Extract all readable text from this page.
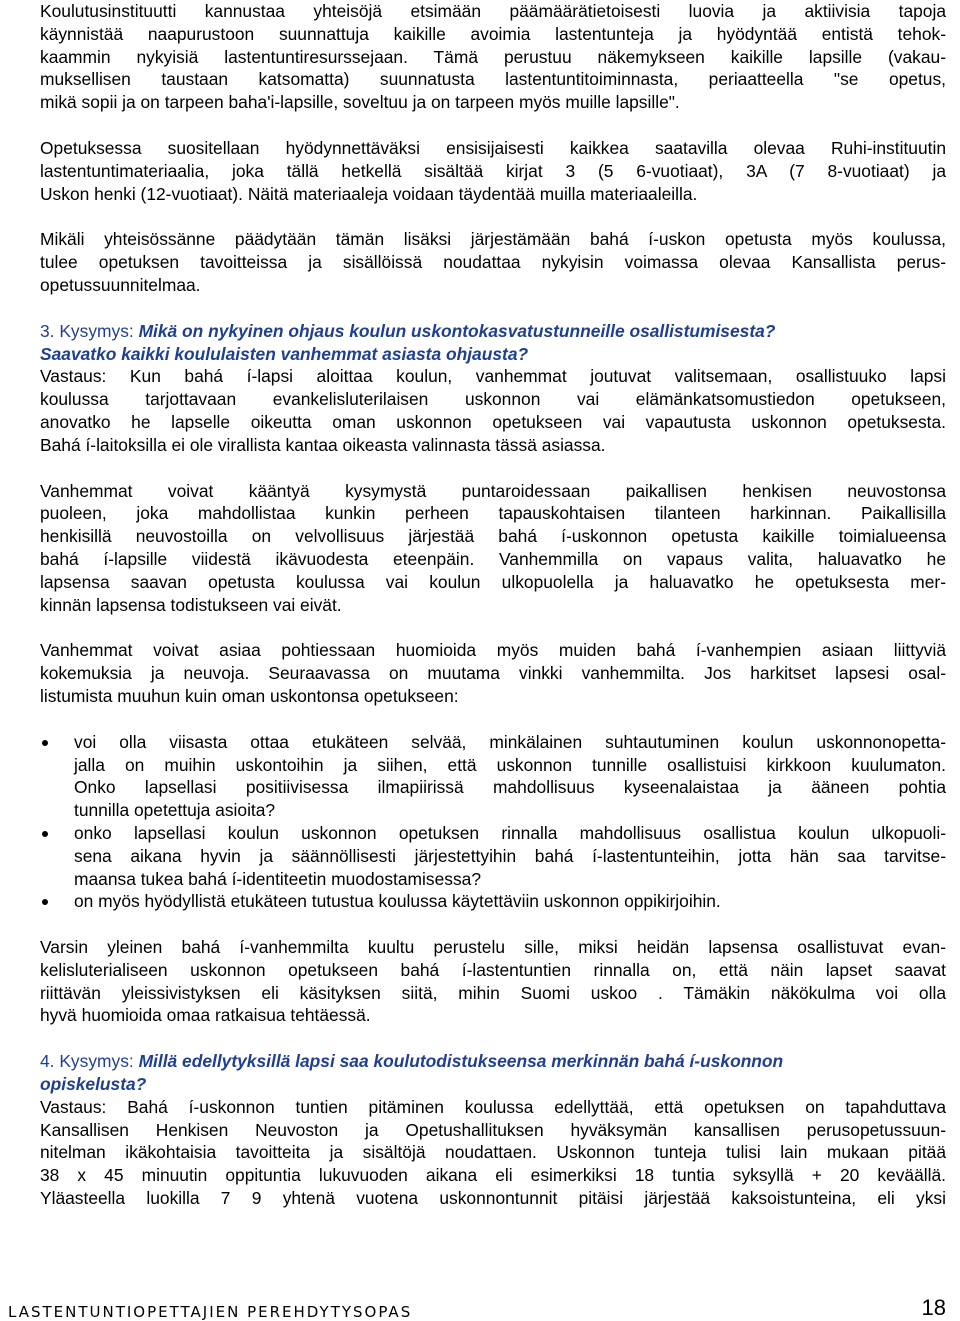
Koulutusinstituutti kannustaa yhteisöjä etsimään päämäärätietoisesti luovia ja aktiivisia tapoja
käynnistää naapurustoon suunnattuja kaikille avoimia lastentunteja ja hyödyntää entistä tehok-
kaammin nykyisiä lastentuntiresurssejaan. Tämä perustuu näkemykseen kaikille lapsille (vakau-
muksellisen taustaan katsomatta) suunnatusta lastentuntitoiminnasta, periaatteella "se opetus,
mikä sopii ja on tarpeen baha'i-lapsille, soveltuu ja on tarpeen myös muille lapsille".
Opetuksessa suositellaan hyödynnettäväksi ensisijaisesti kaikkea saatavilla olevaa Ruhi-instituutin
lastentuntimateriaalia, joka tällä hetkellä sisältää kirjat 3 (5 6-vuotiaat), 3A (7 8-vuotiaat) ja
Uskon henki (12-vuotiaat). Näitä materiaaleja voidaan täydentää muilla materiaaleilla.
Mikäli yhteisössänne päädytään tämän lisäksi järjestämään bahá í-uskon opetusta myös koulussa,
tulee opetuksen tavoitteissa ja sisällöissä noudattaa nykyisin voimassa olevaa Kansallista perus-
opetussuunnitelmaa.
3. Kysymys: Mikä on nykyinen ohjaus koulun uskontokasvatustunneille osallistumisesta?
Saavatko kaikki koululaisten vanhemmat asiasta ohjausta?
Vastaus: Kun bahá í-lapsi aloittaa koulun, vanhemmat joutuvat valitsemaan, osallistuuko lapsi
koulussa tarjottavaan evankelisluterilaisen uskonnon vai elämänkatsomustiedon opetukseen,
anovatko he lapselle oikeutta oman uskonnon opetukseen vai vapautusta uskonnon opetuksesta.
Bahá í-laitoksilla ei ole virallista kantaa oikeasta valinnasta tässä asiassa.
Vanhemmat voivat kääntyä kysymystä puntaroidessaan paikallisen henkisen neuvostonsa
puoleen, joka mahdollistaa kunkin perheen tapauskohtaisen tilanteen harkinnan. Paikallisilla
henkisillä neuvostoilla on velvollisuus järjestää bahá í-uskonnon opetusta kaikille toimialueensa
bahá í-lapsille viidestä ikävuodesta eteenpäin. Vanhemmilla on vapaus valita, haluavatko he
lapsensa saavan opetusta koulussa vai koulun ulkopuolella ja haluavatko he opetuksesta mer-
kinnän lapsensa todistukseen vai eivät.
Vanhemmat voivat asiaa pohtiessaan huomioida myös muiden bahá í-vanhempien asiaan liittyviä
kokemuksia ja neuvoja. Seuraavassa on muutama vinkki vanhemmilta. Jos harkitset lapsesi osal-
listumista muuhun kuin oman uskontonsa opetukseen:
voi olla viisasta ottaa etukäteen selvää, minkälainen suhtautuminen koulun uskonnonopetta-
jalla on muihin uskontoihin ja siihen, että uskonnon tunnille osallistuisi kirkkoon kuulumaton.
Onko lapsellasi positiivisessa ilmapiirissä mahdollisuus kyseenalaistaa ja ääneen pohtia
tunnilla opetettuja asioita?
onko lapsellasi koulun uskonnon opetuksen rinnalla mahdollisuus osallistua koulun ulkopuoli-
sena aikana hyvin ja säännöllisesti järjestettyihin bahá í-lastentunteihin, jotta hän saa tarvitse-
maansa tukea bahá í-identiteetin muodostamisessa?
on myös hyödyllistä etukäteen tutustua koulussa käytettäviin uskonnon oppikirjoihin.
Varsin yleinen bahá í-vanhemmilta kuultu perustelu sille, miksi heidän lapsensa osallistuvat evan-
kelisluterialiseen uskonnon opetukseen bahá í-lastentuntien rinnalla on, että näin lapset saavat
riittävän yleissivistyksen eli käsityksen siitä, mihin Suomi uskoo . Tämäkin näkökulma voi olla
hyvä huomioida omaa ratkaisua tehtäessä.
4. Kysymys: Millä edellytyksillä lapsi saa koulutodistukseensa merkinnän bahá í-uskonnon
opiskelusta?
Vastaus: Bahá í-uskonnon tuntien pitäminen koulussa edellyttää, että opetuksen on tapahduttava
Kansallisen Henkisen Neuvoston ja Opetushallituksen hyväksymän kansallisen perusopetussuun-
nitelman ikäkohtaisia tavoitteita ja sisältöjä noudattaen. Uskonnon tunteja tulisi lain mukaan pitää
38 x 45 minuutin oppituntia lukuvuoden aikana eli esimerkiksi 18 tuntia syksyllä + 20 keväällä.
Yläasteella luokilla 7 9 yhtenä vuotena uskonnontunnit pitäisi järjestää kaksoistunteina, eli yksi
LASTENTUNTIOPETTAJIEN PEREHDYTYSOPAS	18
